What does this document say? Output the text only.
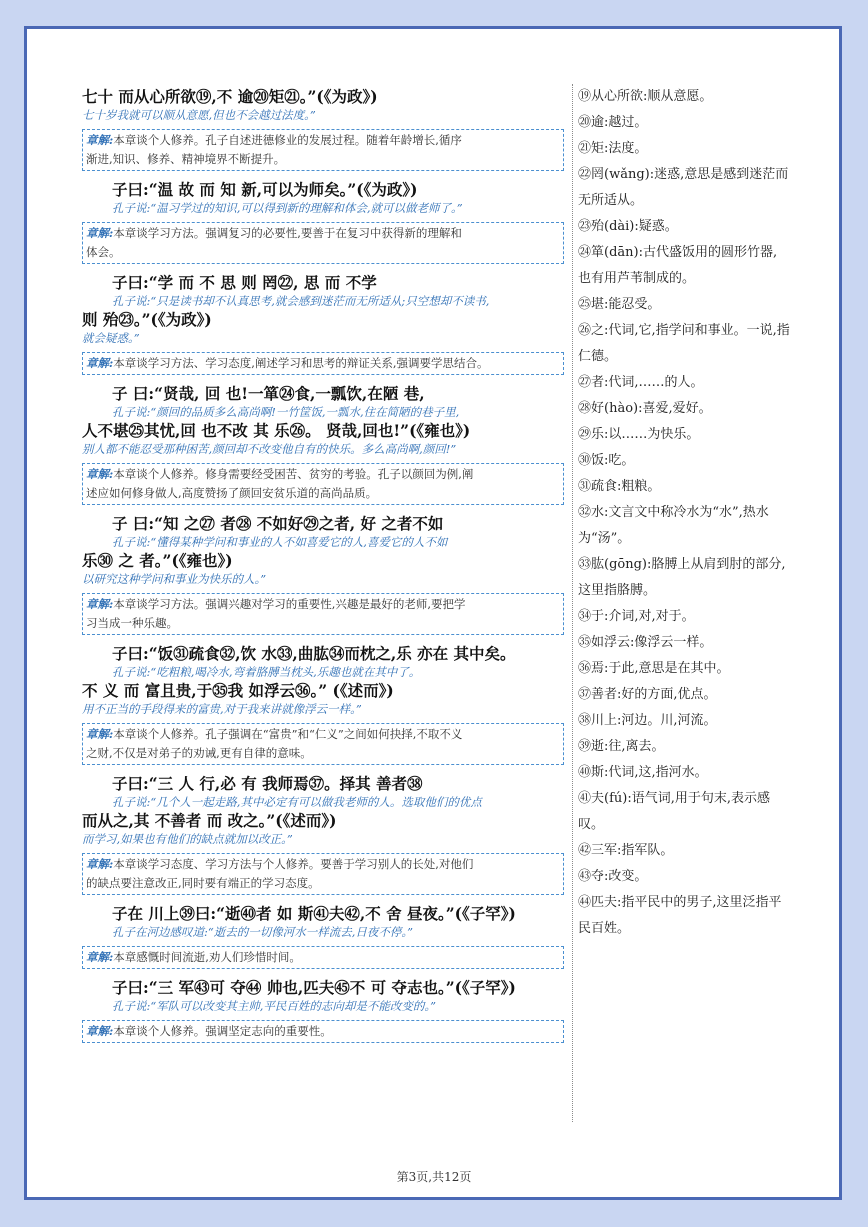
七十 而从心所欲⑲,不 逾⑳矩㉑。”(《为政》)
七十岁我就可以顺从意愿,但也不会越过法度。”
章解:本章谈个人修养。孔子自述进德修业的发展过程。随着年龄增长,循序
渐进,知识、修养、精神境界不断提升。
子曰:“温 故 而 知 新,可以为师矣。”(《为政》)
孔子说:“温习学过的知识,可以得到新的理解和体会,就可以做老师了。”
章解:本章谈学习方法。强调复习的必要性,要善于在复习中获得新的理解和
体会。
子曰:“学 而 不 思 则 罔㉒, 思 而 不学
孔子说:“只是读书却不认真思考,就会感到迷茫而无所适从;只空想却不读书,
则 殆㉓。”(《为政》)
就会疑惑。”
章解:本章谈学习方法、学习态度,阐述学习和思考的辩证关系,强调要学思结合。
子 曰:“贤哉, 回 也!一箪㉔食,一瓢饮,在陋 巷,
孔子说:“颜回的品质多么高尚啊!一竹筐饭,一瓢水,住在简陋的巷子里,
人不堪㉕其忧,回 也不改 其 乐㉖。 贤哉,回也!”(《雍也》)
别人都不能忍受那种困苦,颜回却不改变他自有的快乐。多么高尚啊,颜回!”
章解:本章谈个人修养。修身需要经受困苦、贫穷的考验。孔子以颜回为例,阐
述应如何修身做人,高度赞扬了颜回安贫乐道的高尚品质。
子 曰:“知 之㉗ 者㉘ 不如好㉙之者, 好 之者不如
孔子说:“懂得某种学问和事业的人不如喜爱它的人,喜爱它的人不如
乐㉚ 之 者。”(《雍也》)
以研究这种学问和事业为快乐的人。”
章解:本章谈学习方法。强调兴趣对学习的重要性,兴趣是最好的老师,要把学
习当成一种乐趣。
子曰:“饭㉛疏食㉜,饮 水㉝,曲肱㉞而枕之,乐 亦在 其中矣。
孔子说:“吃粗粮,喝冷水,弯着胳膊当枕头,乐趣也就在其中了。
不 义 而 富且贵,于㉟我 如浮云㊱。” (《述而》)
用不正当的手段得来的富贵,对于我来讲就像浮云一样。”
章解:本章谈个人修养。孔子强调在“富贵”和“仁义”之间如何抉择,不取不义
之财,不仅是对弟子的劝诫,更有自律的意味。
子曰:“三 人 行,必 有 我师焉㊲。择其 善者㊳
孔子说:“几个人一起走路,其中必定有可以做我老师的人。选取他们的优点
而从之,其 不善者 而 改之。”(《述而》)
而学习,如果也有他们的缺点就加以改正。”
章解:本章谈学习态度、学习方法与个人修养。要善于学习别人的长处,对他们
的缺点要注意改正,同时要有端正的学习态度。
子在 川上㊴曰:“逝㊵者 如 斯㊶夫㊷,不 舍 昼夜。”(《子罕》)
孔子在河边感叹道:“逝去的一切像河水一样流去,日夜不停。”
章解:本章感慨时间流逝,劝人们珍惜时间。
子曰:“三 军㊸可 夺㊹ 帅也,匹夫㊺不 可 夺志也。”(《子罕》)
孔子说:“军队可以改变其主帅,平民百姓的志向却是不能改变的。”
章解:本章谈个人修养。强调坚定志向的重要性。
⑲从心所欲:顺从意愿。
⑳逾:越过。
㉑矩:法度。
㉒罔(wǎng):迷惑,意思是感到迷茫而无所适从。
㉓殆(dài):疑惑。
㉔箪(dān):古代盛饭用的圆形竹器,也有用芦苇制成的。
㉕堪:能忍受。
㉖之:代词,它,指学问和事业。一说,指仁德。
㉗者:代词,……的人。
㉘好(hào):喜爱,爱好。
㉙乐:以……为快乐。
㉚饭:吃。
㉛疏食:粗粮。
㉜水:文言文中称冷水为“水”,热水为“汤”。
㉝肱(gōng):胳膊上从肩到肘的部分,这里指胳膊。
㉞于:介词,对,对于。
㉟如浮云:像浮云一样。
㊱焉:于此,意思是在其中。
㊲善者:好的方面,优点。
㊳川上:河边。川,河流。
㊴逝:往,离去。
㊵斯:代词,这,指河水。
㊶夫(fú):语气词,用于句末,表示感叹。
㊷三军:指军队。
㊸夺:改变。
㊹匹夫:指平民中的男子,这里泛指平民百姓。
第3页,共12页
